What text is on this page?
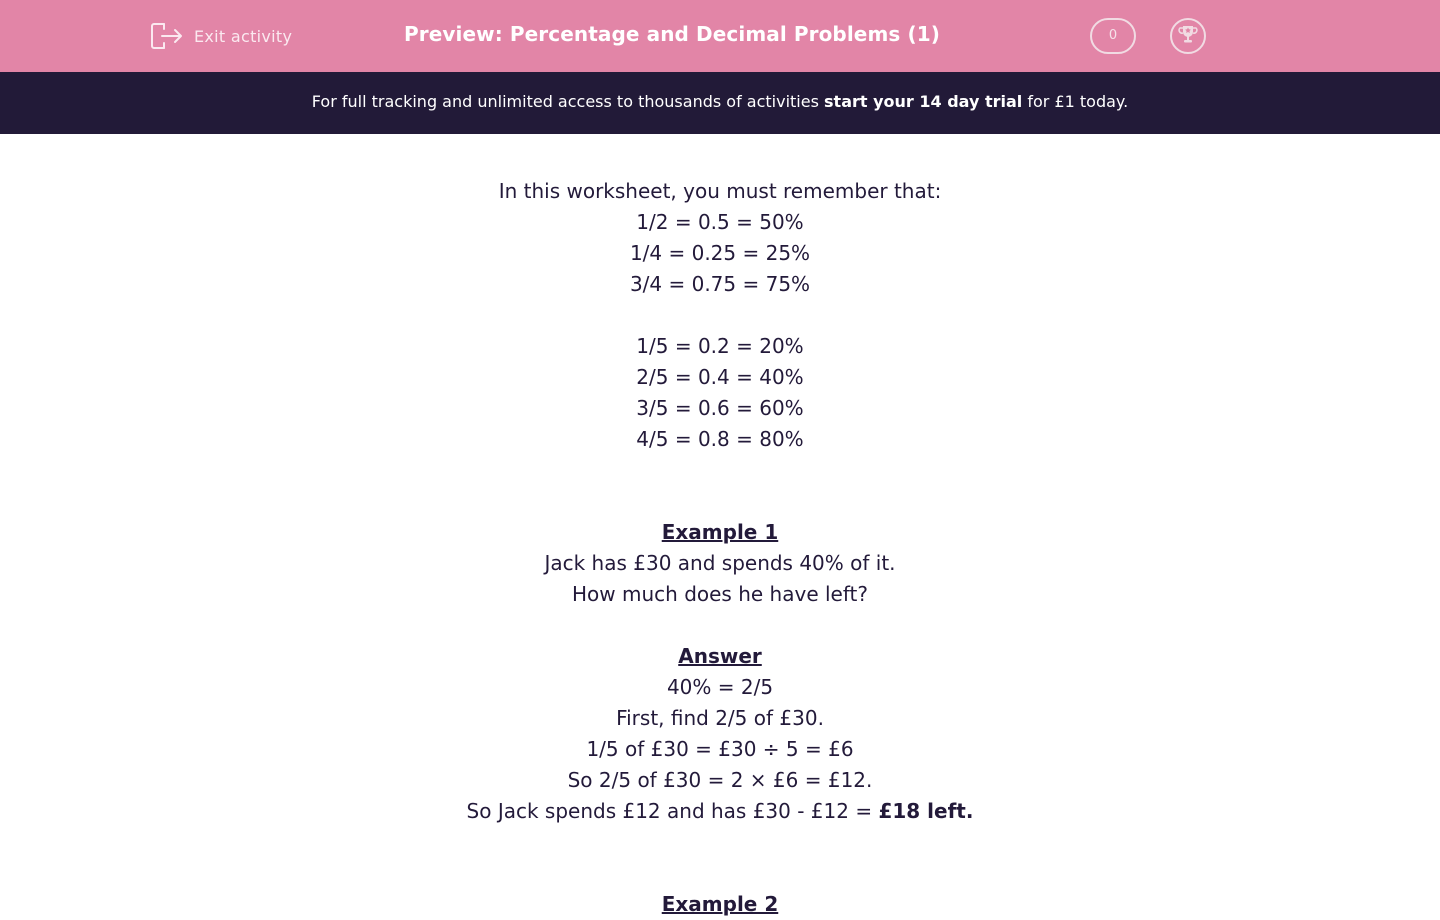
Exit activity	Preview: Percentage and Decimal Problems (1)	0
For full tracking and unlimited access to thousands of activities start your 14 day trial for £1 today.
In this worksheet, you must remember that:
1/2 = 0.5 = 50%
1/4 = 0.25 = 25%
3/4 = 0.75 = 75%
1/5 = 0.2 = 20%
2/5 = 0.4 = 40%
3/5 = 0.6 = 60%
4/5 = 0.8 = 80%
Example 1
Jack has £30 and spends 40% of it.
How much does he have left?
Answer
40% = 2/5
First, find 2/5 of £30.
1/5 of £30 = £30 ÷ 5 = £6
So 2/5 of £30 = 2 × £6 = £12.
So Jack spends £12 and has £30 - £12 = £18 left.
Example 2
